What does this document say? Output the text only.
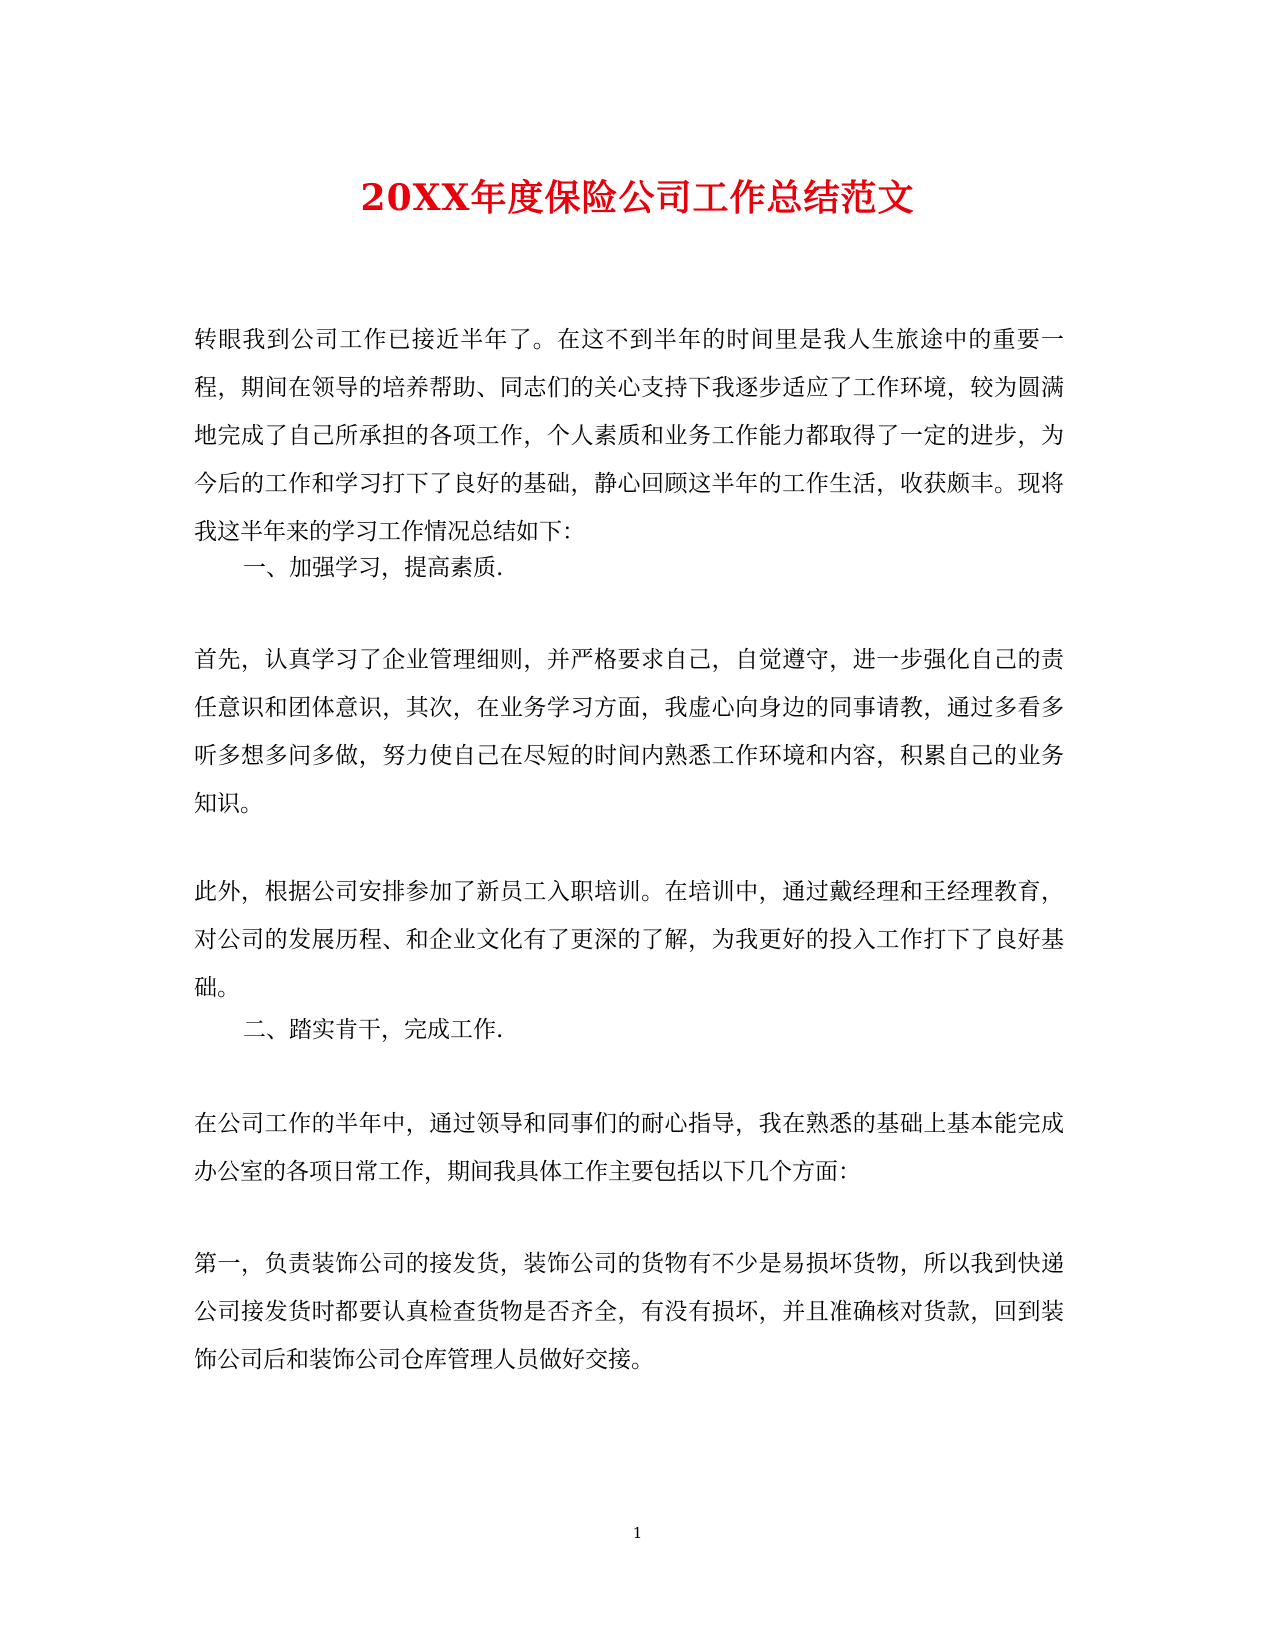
20XX年度保险公司工作总结范文

转眼我到公司工作已接近半年了。在这不到半年的时间里是我人生旅途中的重要一程，期间在领导的培养帮助、同志们的关心支持下我逐步适应了工作环境，较为圆满地完成了自己所承担的各项工作，个人素质和业务工作能力都取得了一定的进步，为今后的工作和学习打下了良好的基础，静心回顾这半年的工作生活，收获颇丰。现将我这半年来的学习工作情况总结如下：

一、加强学习，提高素质.

首先，认真学习了企业管理细则，并严格要求自己，自觉遵守，进一步强化自己的责任意识和团体意识，其次，在业务学习方面，我虚心向身边的同事请教，通过多看多听多想多问多做，努力使自己在尽短的时间内熟悉工作环境和内容，积累自己的业务知识。

此外，根据公司安排参加了新员工入职培训。在培训中，通过戴经理和王经理教育，对公司的发展历程、和企业文化有了更深的了解，为我更好的投入工作打下了良好基础。

二、踏实肯干，完成工作.

在公司工作的半年中，通过领导和同事们的耐心指导，我在熟悉的基础上基本能完成办公室的各项日常工作，期间我具体工作主要包括以下几个方面：

第一，负责装饰公司的接发货，装饰公司的货物有不少是易损坏货物，所以我到快递公司接发货时都要认真检查货物是否齐全，有没有损坏，并且准确核对货款，回到装饰公司后和装饰公司仓库管理人员做好交接。

1
